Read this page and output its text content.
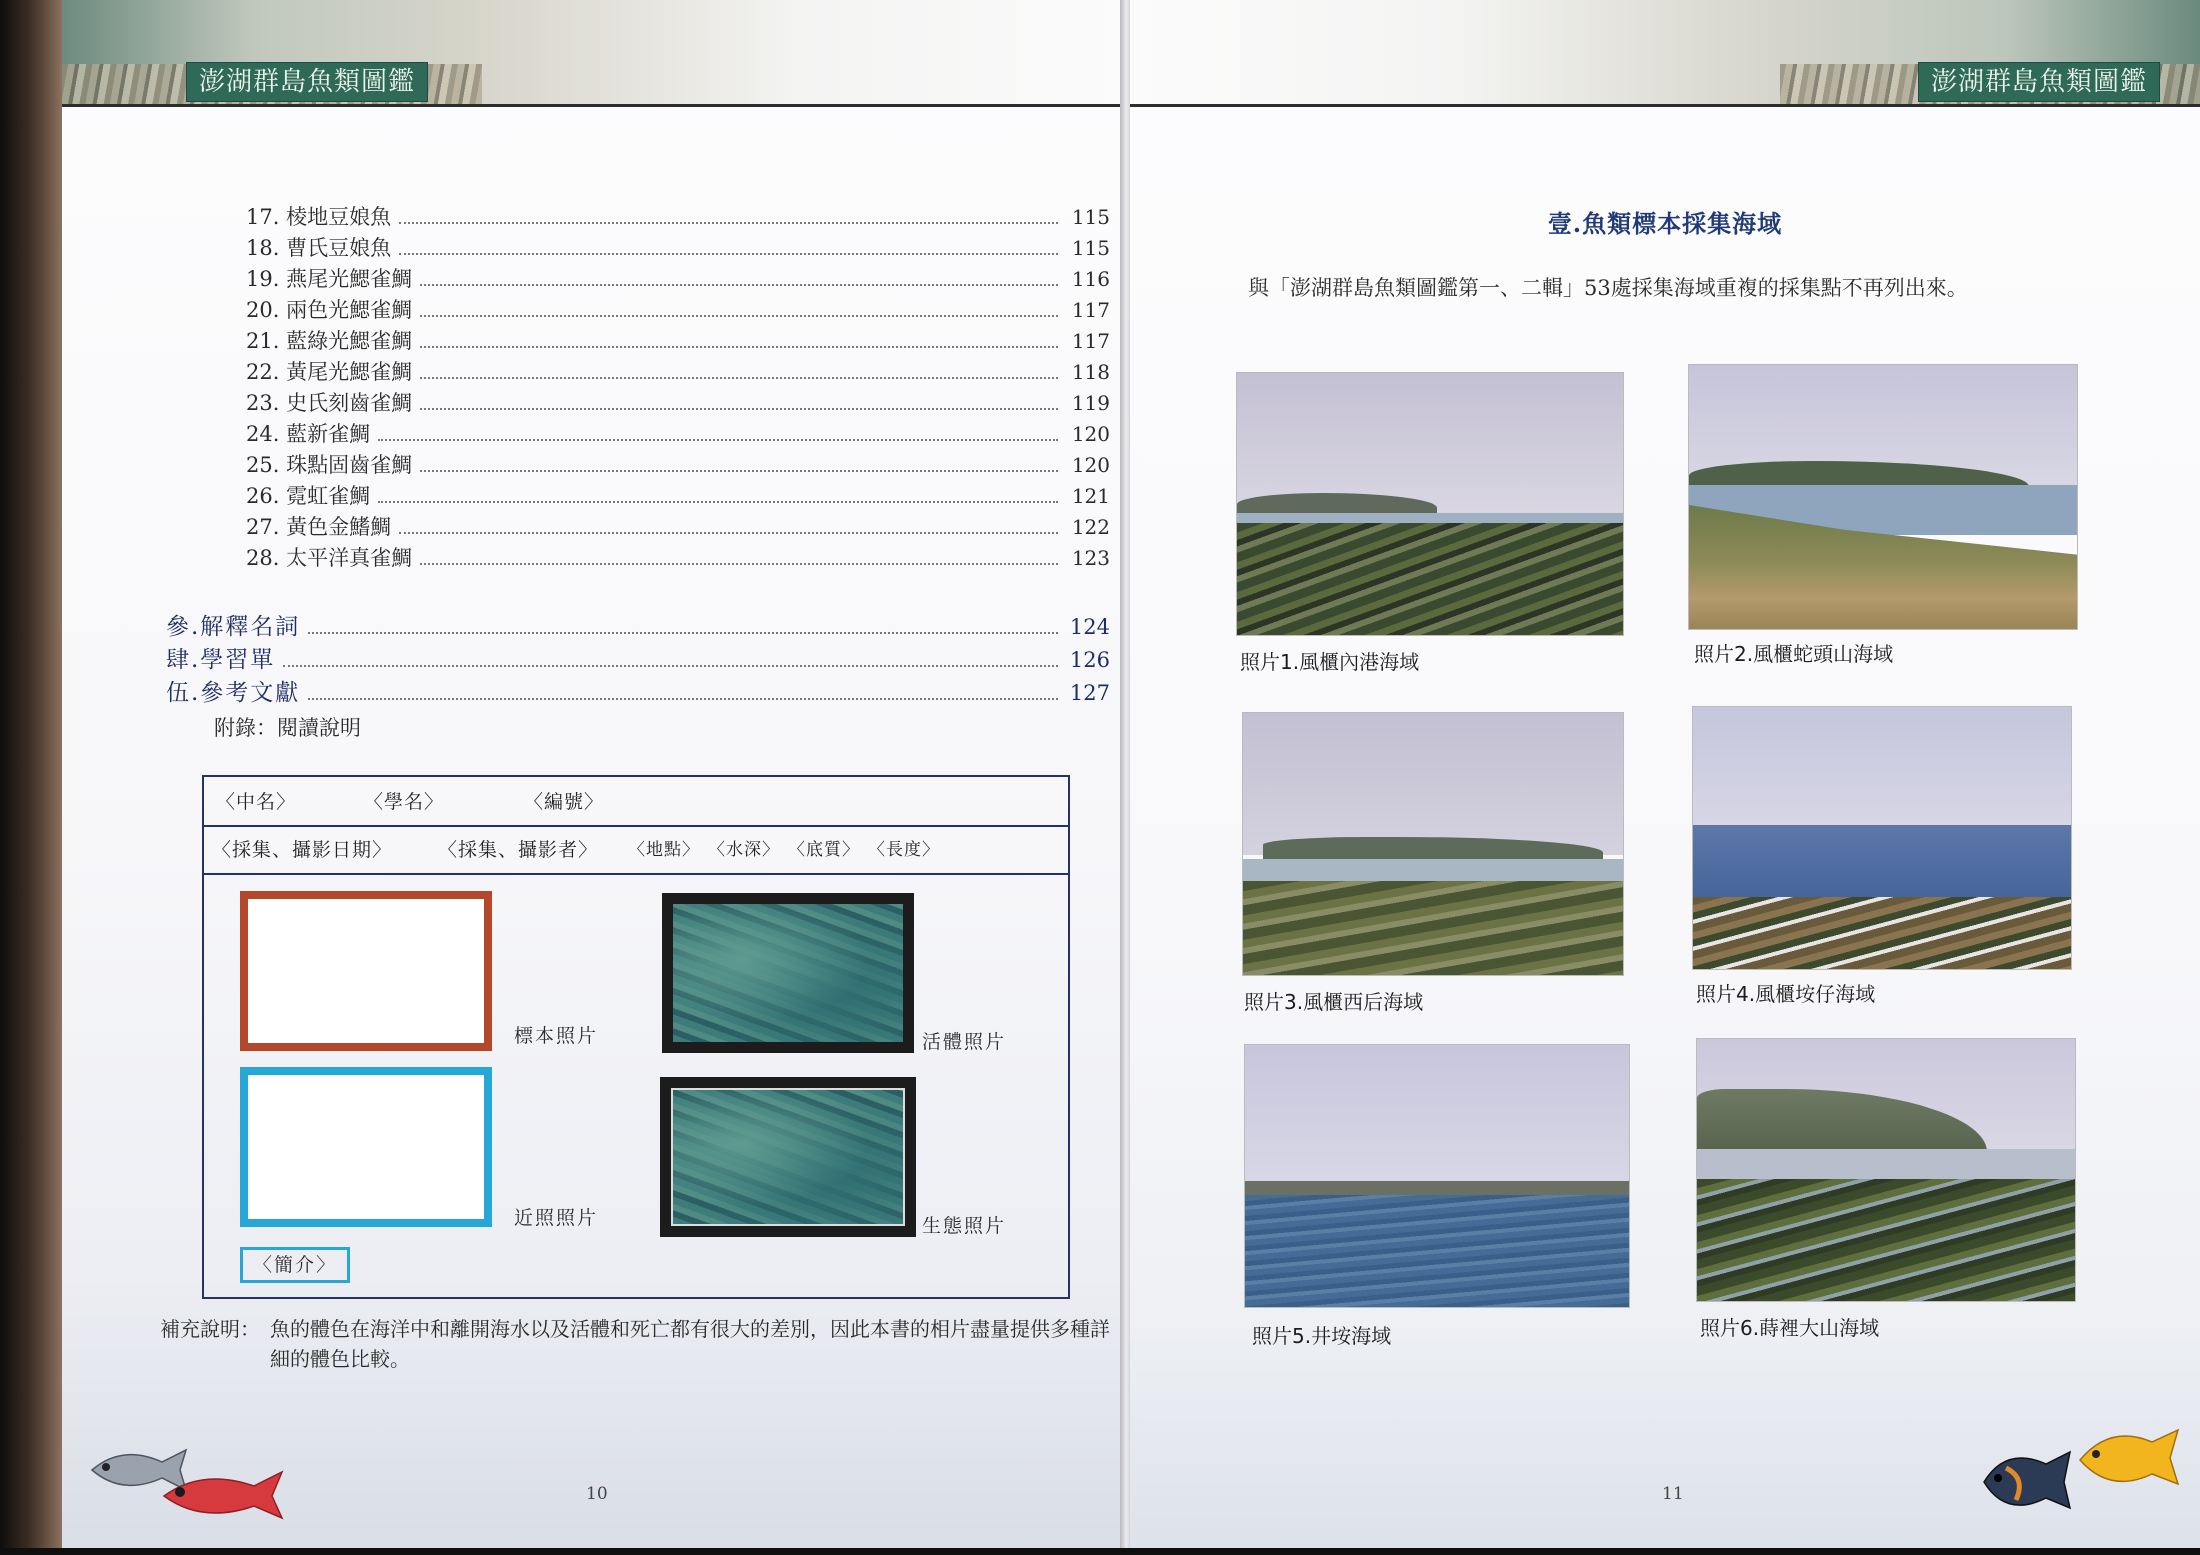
澎湖群島魚類圖鑑
17. 棱地豆娘魚	115
18. 曹氏豆娘魚	115
19. 燕尾光鰓雀鯛	116
20. 兩色光鰓雀鯛	117
21. 藍綠光鰓雀鯛	117
22. 黃尾光鰓雀鯛	118
23. 史氏刻齒雀鯛	119
24. 藍新雀鯛	120
25. 珠點固齒雀鯛	120
26. 霓虹雀鯛	121
27. 黃色金鰭鯛	122
28. 太平洋真雀鯛	123
參.解釋名詞	124
肆.學習單	126
伍.參考文獻	127
附錄：閱讀說明
〈中名〉	〈學名〉	〈編號〉
〈採集、攝影日期〉 〈採集、攝影者〉 〈地點〉 〈水深〉 〈底質〉 〈長度〉
標本照片	活體照片
近照照片	生態照片
〈簡介〉
補充說明： 魚的體色在海洋中和離開海水以及活體和死亡都有很大的差別，因此本書的相片盡量提供多種詳細的體色比較。
10
澎湖群島魚類圖鑑
壹.魚類標本採集海域
與「澎湖群島魚類圖鑑第一、二輯」53處採集海域重複的採集點不再列出來。
照片1.風櫃內港海域	照片2.風櫃蛇頭山海域
照片3.風櫃西后海域	照片4.風櫃垵仔海域
照片5.井垵海域	照片6.蒔裡大山海域
11
